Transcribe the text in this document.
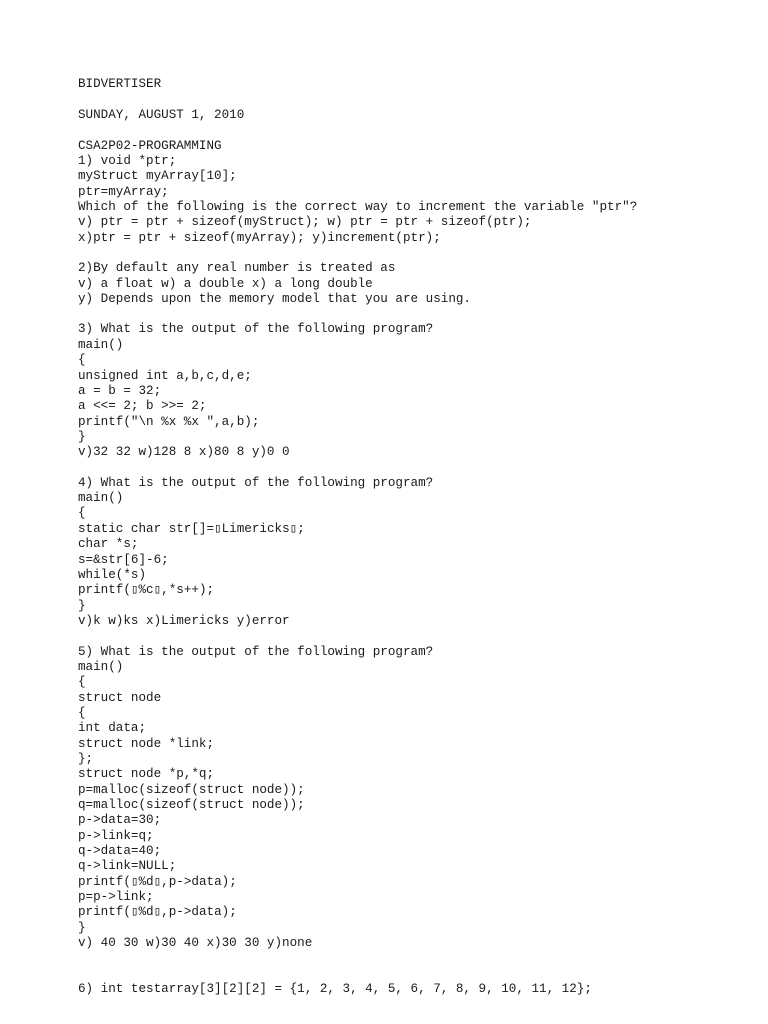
BIDVERTISER

SUNDAY, AUGUST 1, 2010

CSA2P02-PROGRAMMING

1) void *ptr;

myStruct myArray[10];

ptr=myArray;

Which of the following is the correct way to increment the variable "ptr"?

v) ptr = ptr + sizeof(myStruct); w) ptr = ptr + sizeof(ptr);

x)ptr = ptr + sizeof(myArray); y)increment(ptr);

2)By default any real number is treated as

v) a float w) a double x) a long double

y) Depends upon the memory model that you are using.

3) What is the output of the following program?

main()

{

unsigned int a,b,c,d,e;

a = b = 32;

a <<= 2; b >>= 2;

printf("\n %x %x ",a,b);

}

v)32 32 w)128 8 x)80 8 y)0 0

4) What is the output of the following program?

main()

{

static char str[]=▯Limericks▯;

char *s;

s=&str[6]-6;

while(*s)

printf(▯%c▯,*s++);

}

v)k w)ks x)Limericks y)error

5) What is the output of the following program?

main()

{

struct node

{

int data;

struct node *link;

};

struct node *p,*q;

p=malloc(sizeof(struct node));

q=malloc(sizeof(struct node));

p->data=30;

p->link=q;

q->data=40;

q->link=NULL;

printf(▯%d▯,p->data);

p=p->link;

printf(▯%d▯,p->data);

}

v) 40 30 w)30 40 x)30 30 y)none

6) int testarray[3][2][2] = {1, 2, 3, 4, 5, 6, 7, 8, 9, 10, 11, 12};
